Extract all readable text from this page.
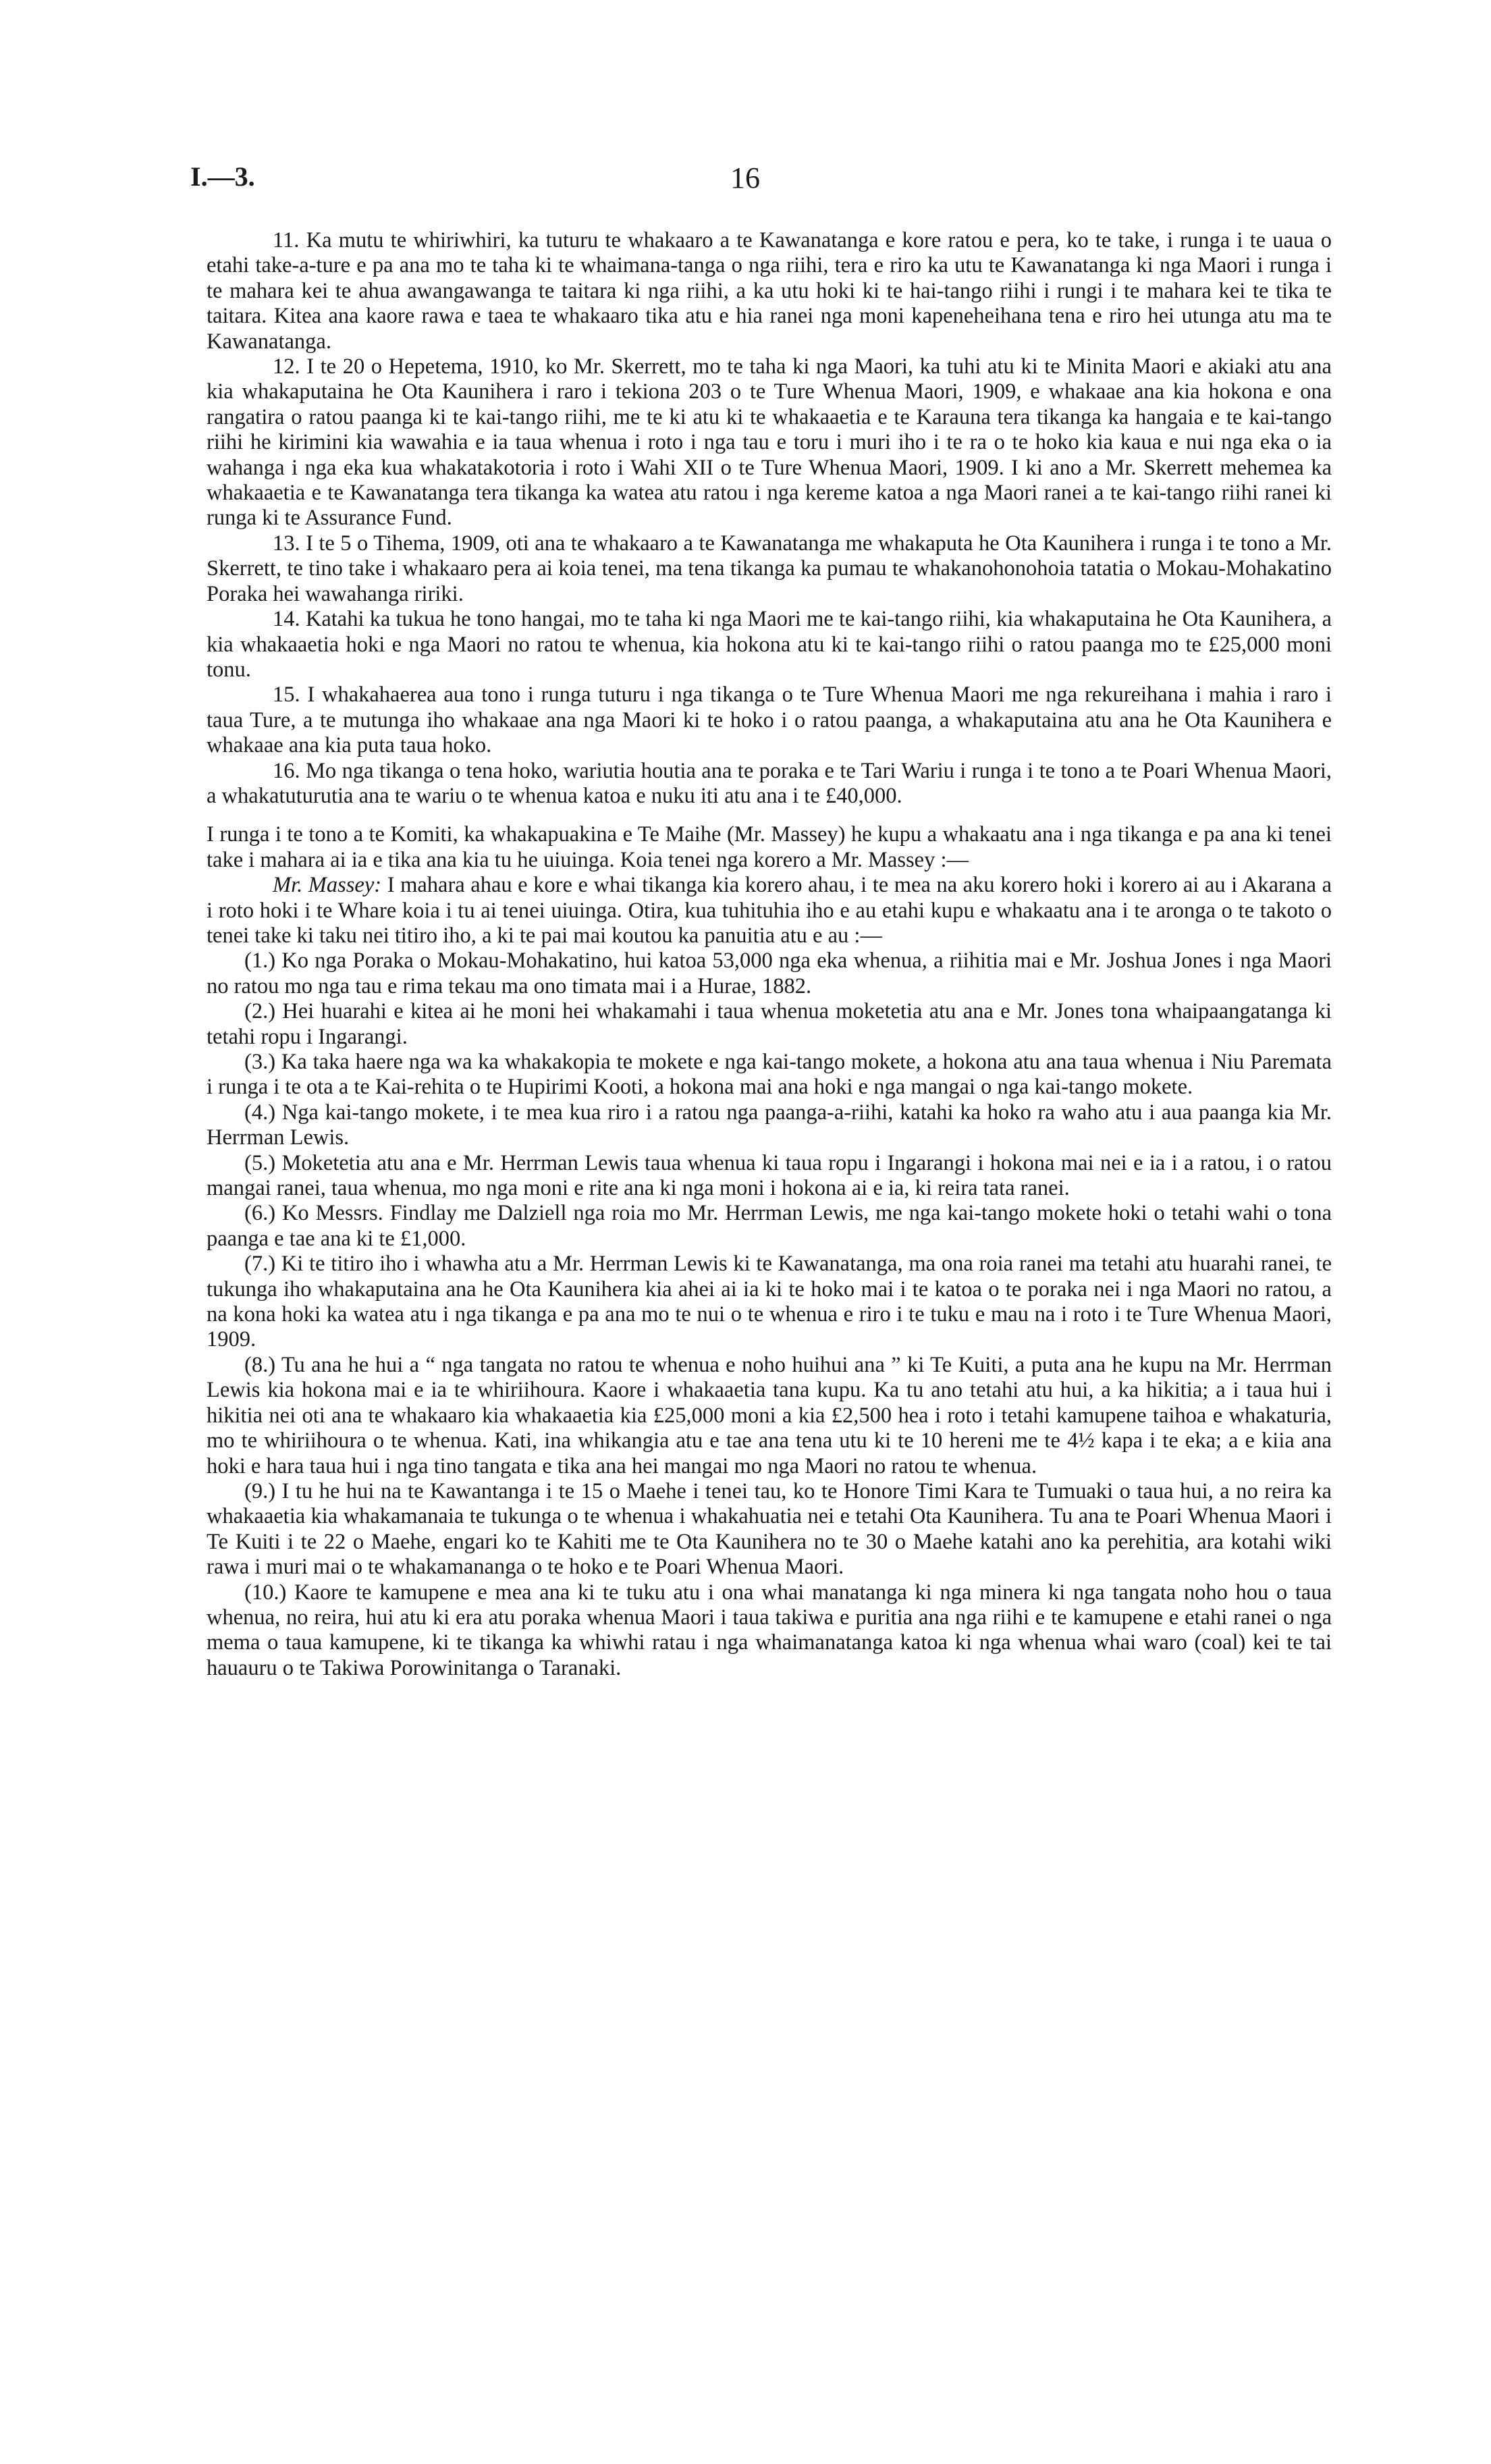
I.—3.	16

11. Ka mutu te whiriwhiri, ka tuturu te whakaaro a te Kawanatanga e kore ratou e pera, ko te take, i runga i te uaua o etahi take-a-ture e pa ana mo te taha ki te whaimana-tanga o nga riihi, tera e riro ka utu te Kawanatanga ki nga Maori i runga i te mahara kei te ahua awangawanga te taitara ki nga riihi, a ka utu hoki ki te hai-tango riihi i rungi i te mahara kei te tika te taitara. Kitea ana kaore rawa e taea te whakaaro tika atu e hia ranei nga moni kapeneheihana tena e riro hei utunga atu ma te Kawanatanga.

12. I te 20 o Hepetema, 1910, ko Mr. Skerrett, mo te taha ki nga Maori, ka tuhi atu ki te Minita Maori e akiaki atu ana kia whakaputaina he Ota Kaunihera i raro i tekiona 203 o te Ture Whenua Maori, 1909, e whakaae ana kia hokona e ona rangatira o ratou paanga ki te kai-tango riihi, me te ki atu ki te whakaaetia e te Karauna tera tikanga ka hangaia e te kai-tango riihi he kirimini kia wawahia e ia taua whenua i roto i nga tau e toru i muri iho i te ra o te hoko kia kaua e nui nga eka o ia wahanga i nga eka kua whakatakotoria i roto i Wahi XII o te Ture Whenua Maori, 1909. I ki ano a Mr. Skerrett mehemea ka whakaaetia e te Kawanatanga tera tikanga ka watea atu ratou i nga kereme katoa a nga Maori ranei a te kai-tango riihi ranei ki runga ki te Assurance Fund.

13. I te 5 o Tihema, 1909, oti ana te whakaaro a te Kawanatanga me whakaputa he Ota Kaunihera i runga i te tono a Mr. Skerrett, te tino take i whakaaro pera ai koia tenei, ma tena tikanga ka pumau te whakanohonohoia tatatia o Mokau-Mohakatino Poraka hei wawahanga ririki.

14. Katahi ka tukua he tono hangai, mo te taha ki nga Maori me te kai-tango riihi, kia whakaputaina he Ota Kaunihera, a kia whakaaetia hoki e nga Maori no ratou te whenua, kia hokona atu ki te kai-tango riihi o ratou paanga mo te £25,000 moni tonu.

15. I whakahaerea aua tono i runga tuturu i nga tikanga o te Ture Whenua Maori me nga rekureihana i mahia i raro i taua Ture, a te mutunga iho whakaae ana nga Maori ki te hoko i o ratou paanga, a whakaputaina atu ana he Ota Kaunihera e whakaae ana kia puta taua hoko.

16. Mo nga tikanga o tena hoko, wariutia houtia ana te poraka e te Tari Wariu i runga i te tono a te Poari Whenua Maori, a whakatuturutia ana te wariu o te whenua katoa e nuku iti atu ana i te £40,000.

I runga i te tono a te Komiti, ka whakapuakina e Te Maihe (Mr. Massey) he kupu a whakaatu ana i nga tikanga e pa ana ki tenei take i mahara ai ia e tika ana kia tu he uiuinga. Koia tenei nga korero a Mr. Massey :—

Mr. Massey: I mahara ahau e kore e whai tikanga kia korero ahau, i te mea na aku korero hoki i korero ai au i Akarana a i roto hoki i te Whare koia i tu ai tenei uiuinga. Otira, kua tuhituhia iho e au etahi kupu e whakaatu ana i te aronga o te takoto o tenei take ki taku nei titiro iho, a ki te pai mai koutou ka panuitia atu e au :—

(1.) Ko nga Poraka o Mokau-Mohakatino, hui katoa 53,000 nga eka whenua, a riihitia mai e Mr. Joshua Jones i nga Maori no ratou mo nga tau e rima tekau ma ono timata mai i a Hurae, 1882.

(2.) Hei huarahi e kitea ai he moni hei whakamahi i taua whenua moketetia atu ana e Mr. Jones tona whaipaangatanga ki tetahi ropu i Ingarangi.

(3.) Ka taka haere nga wa ka whakakopia te mokete e nga kai-tango mokete, a hokona atu ana taua whenua i Niu Paremata i runga i te ota a te Kai-rehita o te Hupirimi Kooti, a hokona mai ana hoki e nga mangai o nga kai-tango mokete.

(4.) Nga kai-tango mokete, i te mea kua riro i a ratou nga paanga-a-riihi, katahi ka hoko ra waho atu i aua paanga kia Mr. Herrman Lewis.

(5.) Moketetia atu ana e Mr. Herrman Lewis taua whenua ki taua ropu i Ingarangi i hokona mai nei e ia i a ratou, i o ratou mangai ranei, taua whenua, mo nga moni e rite ana ki nga moni i hokona ai e ia, ki reira tata ranei.

(6.) Ko Messrs. Findlay me Dalziell nga roia mo Mr. Herrman Lewis, me nga kai-tango mokete hoki o tetahi wahi o tona paanga e tae ana ki te £1,000.

(7.) Ki te titiro iho i whawha atu a Mr. Herrman Lewis ki te Kawanatanga, ma ona roia ranei ma tetahi atu huarahi ranei, te tukunga iho whakaputaina ana he Ota Kaunihera kia ahei ai ia ki te hoko mai i te katoa o te poraka nei i nga Maori no ratou, a na kona hoki ka watea atu i nga tikanga e pa ana mo te nui o te whenua e riro i te tuku e mau na i roto i te Ture Whenua Maori, 1909.

(8.) Tu ana he hui a “ nga tangata no ratou te whenua e noho huihui ana ” ki Te Kuiti, a puta ana he kupu na Mr. Herrman Lewis kia hokona mai e ia te whiriihoura. Kaore i whakaaetia tana kupu. Ka tu ano tetahi atu hui, a ka hikitia; a i taua hui i hikitia nei oti ana te whakaaro kia whakaaetia kia £25,000 moni a kia £2,500 hea i roto i tetahi kamupene taihoa e whakaturia, mo te whiriihoura o te whenua. Kati, ina whikangia atu e tae ana tena utu ki te 10 hereni me te 4½ kapa i te eka; a e kiia ana hoki e hara taua hui i nga tino tangata e tika ana hei mangai mo nga Maori no ratou te whenua.

(9.) I tu he hui na te Kawantanga i te 15 o Maehe i tenei tau, ko te Honore Timi Kara te Tumuaki o taua hui, a no reira ka whakaaetia kia whakamanaia te tukunga o te whenua i whakahuatia nei e tetahi Ota Kaunihera. Tu ana te Poari Whenua Maori i Te Kuiti i te 22 o Maehe, engari ko te Kahiti me te Ota Kaunihera no te 30 o Maehe katahi ano ka perehitia, ara kotahi wiki rawa i muri mai o te whakamananga o te hoko e te Poari Whenua Maori.

(10.) Kaore te kamupene e mea ana ki te tuku atu i ona whai manatanga ki nga minera ki nga tangata noho hou o taua whenua, no reira, hui atu ki era atu poraka whenua Maori i taua takiwa e puritia ana nga riihi e te kamupene e etahi ranei o nga mema o taua kamupene, ki te tikanga ka whiwhi ratau i nga whaimanatanga katoa ki nga whenua whai waro (coal) kei te tai hauauru o te Takiwa Porowinitanga o Taranaki.
